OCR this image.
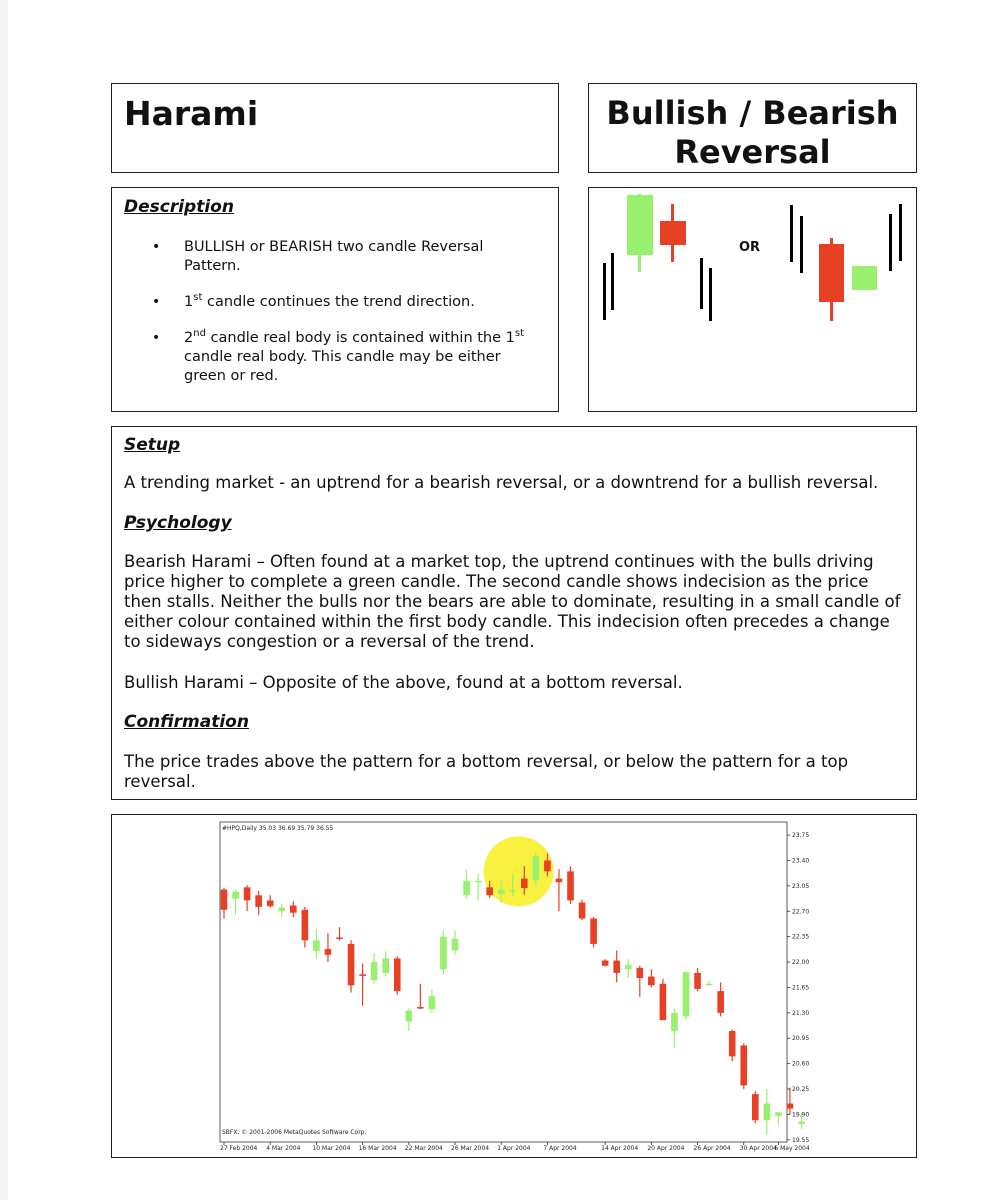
Harami	Bullish / Bearish Reversal

Description

• BULLISH or BEARISH two candle Reversal Pattern.
• 1st candle continues the trend direction.
• 2nd candle real body is contained within the 1st candle real body. This candle may be either green or red.
OR

Setup

A trending market - an uptrend for a bearish reversal, or a downtrend for a bullish reversal.

Psychology

Bearish Harami – Often found at a market top, the uptrend continues with the bulls driving price higher to complete a green candle. The second candle shows indecision as the price then stalls. Neither the bulls nor the bears are able to dominate, resulting in a small candle of either colour contained within the first body candle. This indecision often precedes a change to sideways congestion or a reversal of the trend.

Bullish Harami – Opposite of the above, found at a bottom reversal.

Confirmation

The price trades above the pattern for a bottom reversal, or below the pattern for a top reversal.

23.75
23.40
23.05
22.70
22.35
22.00
21.65
21.30
20.95
20.60
20.25
19.90
19.55
27 Feb 2004 4 Mar 2004 10 Mar 2004 16 Mar 2004 22 Mar 2004 26 Mar 2004 1 Apr 2004 7 Apr 2004	14 Apr 2004 20 Apr 2004 26 Apr 2004 30 Apr 2004
6 May 2004
#HPQ,Daily 35.03 36.69 35.79 36.55
SBFX, © 2001-2006 MetaQuotes Software Corp.
